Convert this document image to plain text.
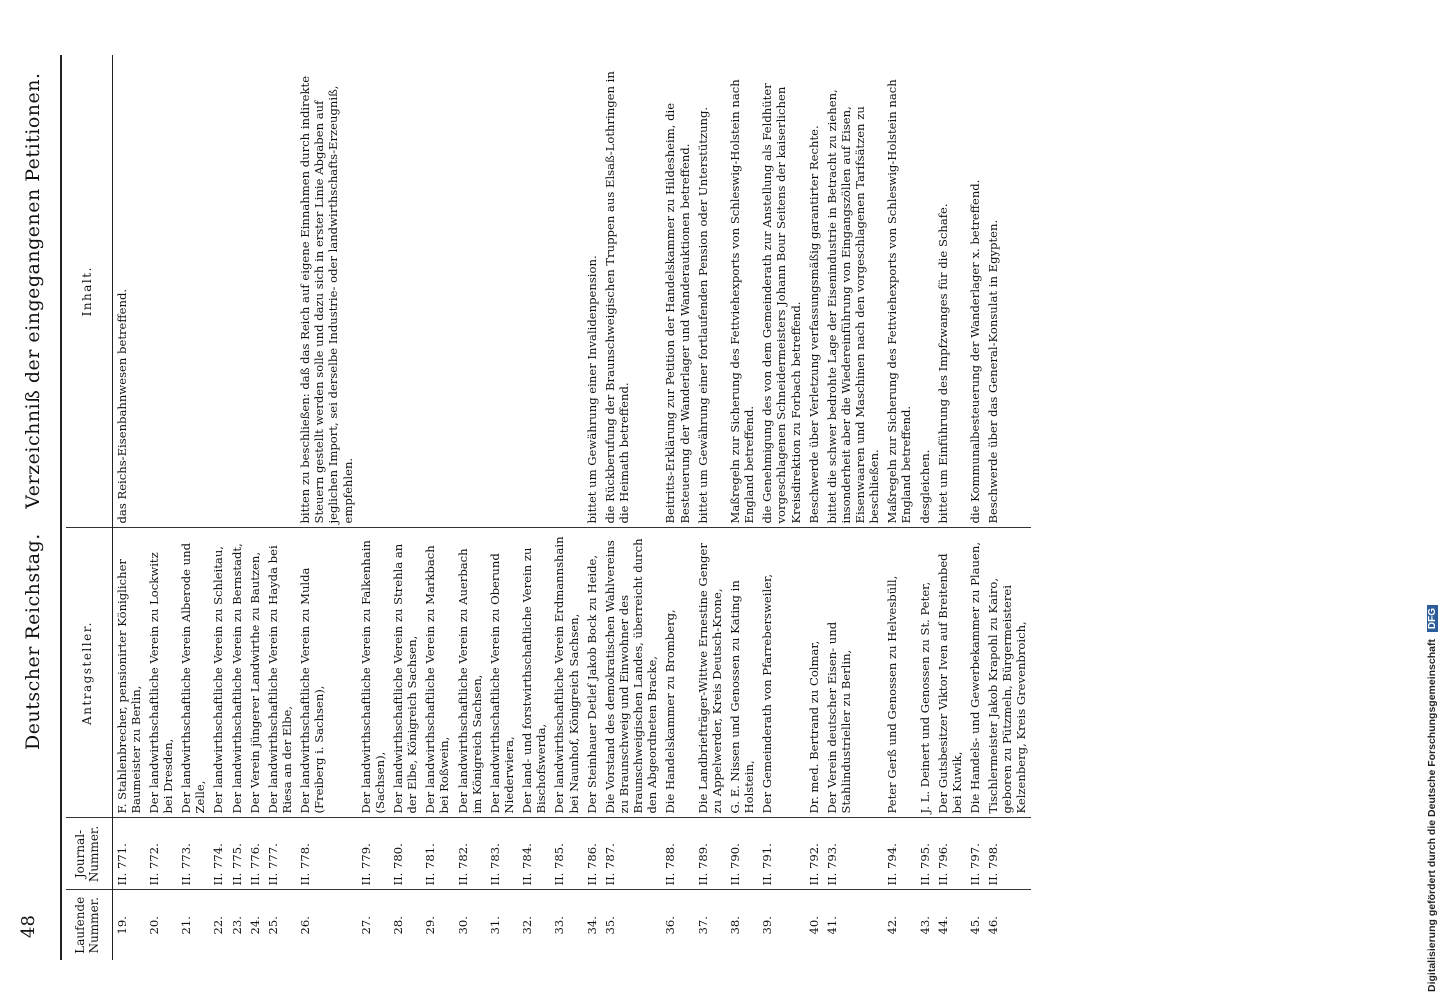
48
Deutscher Reichstag. Verzeichniß der eingegangenen Petitionen.
Laufende Nummer.	Journal-Nummer.	Antragsteller.	Inhalt.
19.	II. 771.	F. Stahlenbrecher, pensionirter Königlicher Baumeister zu Berlin,	das Reichs-Eisenbahnwesen betreffend.
20.	II. 772.	Der landwirthschaftliche Verein zu Lockwitz bei Dresden,	
21.	II. 773.	Der landwirthschaftliche Verein Alberode und Zelle,	
22.	II. 774.	Der landwirthschaftliche Verein zu Schleitau,	
23.	II. 775.	Der landwirthschaftliche Verein zu Bernstadt,	
24.	II. 776.	Der Verein jüngerer Landwirthe zu Bautzen,	
25.	II. 777.	Der landwirthschaftliche Verein zu Hayda bei Riesa an der Elbe,	
26.	II. 778.	Der landwirthschaftliche Verein zu Mulda (Freiberg i. Sachsen),	bitten zu beschließen: daß das Reich auf eigene Einnahmen durch indirekte Steuern gestellt werden solle und dazu sich in erster Linie Abgaben auf jeglichen Import, sei derselbe Industrie- oder landwirthschafts-Erzeugniß, empfehlen.
27.	II. 779.	Der landwirthschaftliche Verein zu Falkenhain (Sachsen),	
28.	II. 780.	Der landwirthschaftliche Verein zu Strehla an der Elbe, Königreich Sachsen,	
29.	II. 781.	Der landwirthschaftliche Verein zu Markbach bei Roßwein,	
30.	II. 782.	Der landwirthschaftliche Verein zu Auerbach im Königreich Sachsen,	
31.	II. 783.	Der landwirthschaftliche Verein zu Oberund Niederwiera,	
32.	II. 784.	Der land- und forstwirthschaftliche Verein zu Bischofswerda,	
33.	II. 785.	Der landwirthschaftliche Verein Erdmannshain bei Naunhof, Königreich Sachsen,	
34.	II. 786.	Der Steinhauer Detlef Jakob Bock zu Heide,	bittet um Gewährung einer Invalidenpension.
35.	II. 787.	Die Vorstand des demokratischen Wahlvereins zu Braunschweig und Einwohner des Braunschweigischen Landes, überreicht durch den Abgeordneten Bracke,	die Rückberufung der Braunschweigischen Truppen aus Elsaß-Lothringen in die Heimath betreffend.
36.	II. 788.	Die Handelskammer zu Bromberg,	Beitritts-Erklärung zur Petition der Handelskammer zu Hildesheim, die Besteuerung der Wanderlager und Wanderauktionen betreffend.
37.	II. 789.	Die Landbriefträger-Wittwe Ernestine Genger zu Appelwerder, Kreis Deutsch-Krone,	bittet um Gewährung einer fortlaufenden Pension oder Unterstützung.
38.	II. 790.	G. E. Nissen und Genossen zu Kating in Holstein,	Maßregeln zur Sicherung des Fettviehexports von Schleswig-Holstein nach England betreffend.
39.	II. 791.	Der Gemeinderath von Pfarrebersweiler,	die Genehmigung des von dem Gemeinderath zur Anstellung als Feldhüter vorgeschlagenen Schneidermeisters Johann Bour Seitens der kaiserlichen Kreisdirektion zu Forbach betreffend.
40.	II. 792.	Dr. med. Bertrand zu Colmar,	Beschwerde über Verletzung verfassungsmäßig garantirter Rechte.
41.	II. 793.	Der Verein deutscher Eisen- und Stahlindustrieller zu Berlin,	bittet die schwer bedrohte Lage der Eisenindustrie in Betracht zu ziehen, insonderheit aber die Wiedereinführung von Eingangszöllen auf Eisen, Eisenwaaren und Maschinen nach den vorgeschlagenen Tarifsätzen zu beschließen.
42.	II. 794.	Peter Gerß und Genossen zu Helvesbüll,	Maßregeln zur Sicherung des Fettviehexports von Schleswig-Holstein nach England betreffend.
43.	II. 795.	J. L. Deinert und Genossen zu St. Peter,	desgleichen.
44.	II. 796.	Der Gutsbesitzer Viktor Iven auf Breitenbed bei Kuwik,	bittet um Einführung des Impfzwanges für die Schafe.
45.	II. 797.	Die Handels- und Gewerbekammer zu Plauen,	die Kommunalbesteuerung der Wanderlager x. betreffend.
46.	II. 798.	Tischlermeister Jakob Krapohl zu Kairo, geboren zu Pützmeln, Bürgermeisterei Kelzenberg, Kreis Grevenbroich,	Beschwerde über das General-Konsulat in Egypten.
Digitalisierung gefördert durch die Deutsche Forschungsgemeinschaft DFG
